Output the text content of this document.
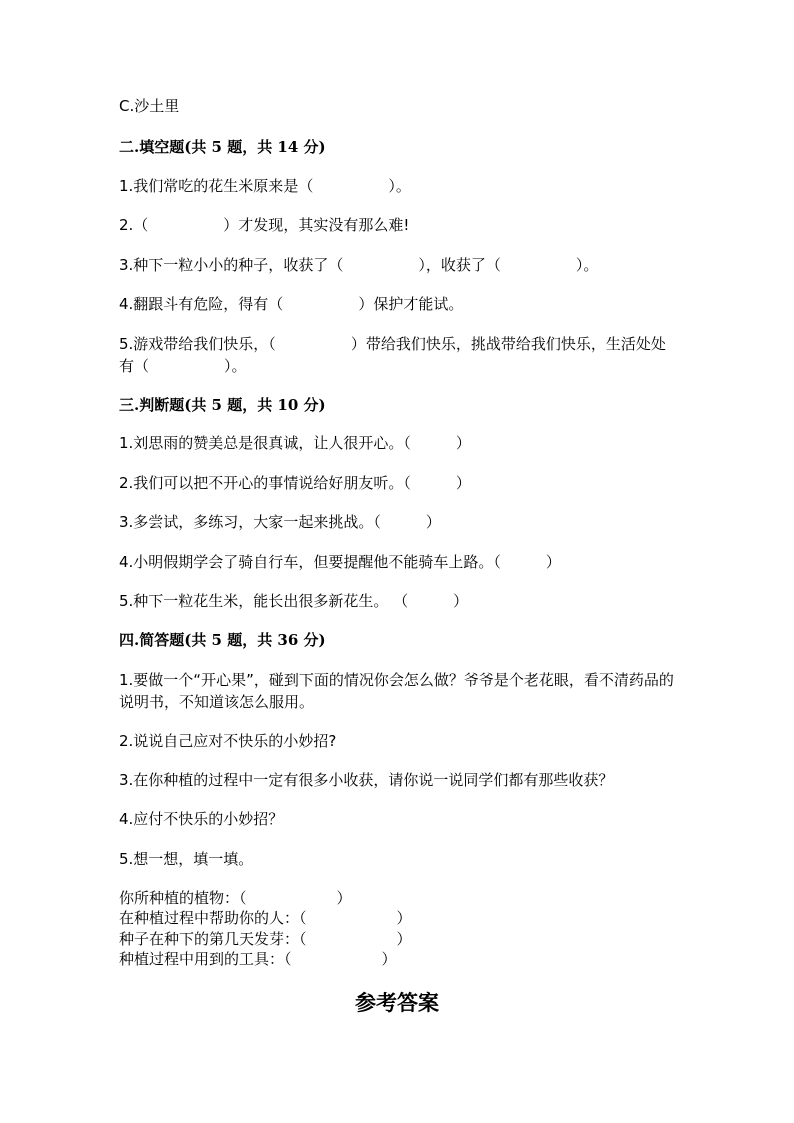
C.沙土里
二.填空题(共 5 题，共 14 分)
1.我们常吃的花生米原来是（　　　　　）。
2.（　　　　　）才发现，其实没有那么难!
3.种下一粒小小的种子，收获了（　　　　　），收获了（　　　　　）。
4.翻跟斗有危险，得有（　　　　　）保护才能试。
5.游戏带给我们快乐，（　　　　　）带给我们快乐，挑战带给我们快乐，生活处处有（　　　　　）。
三.判断题(共 5 题，共 10 分)
1.刘思雨的赞美总是很真诚，让人很开心。（　　　）
2.我们可以把不开心的事情说给好朋友听。（　　　）
3.多尝试，多练习，大家一起来挑战。（　　　）
4.小明假期学会了骑自行车，但要提醒他不能骑车上路。（　　　）
5.种下一粒花生米，能长出很多新花生。 （　　　）
四.简答题(共 5 题，共 36 分)
1.要做一个“开心果”，碰到下面的情况你会怎么做？爷爷是个老花眼，看不清药品的说明书，不知道该怎么服用。
2.说说自己应对不快乐的小妙招?
3.在你种植的过程中一定有很多小收获，请你说一说同学们都有那些收获？
4.应付不快乐的小妙招？
5.想一想，填一填。
你所种植的植物：（　　　　　　）
在种植过程中帮助你的人：（　　　　　　）
种子在种下的第几天发芽：（　　　　　　）
种植过程中用到的工具：（　　　　　　）
参考答案
